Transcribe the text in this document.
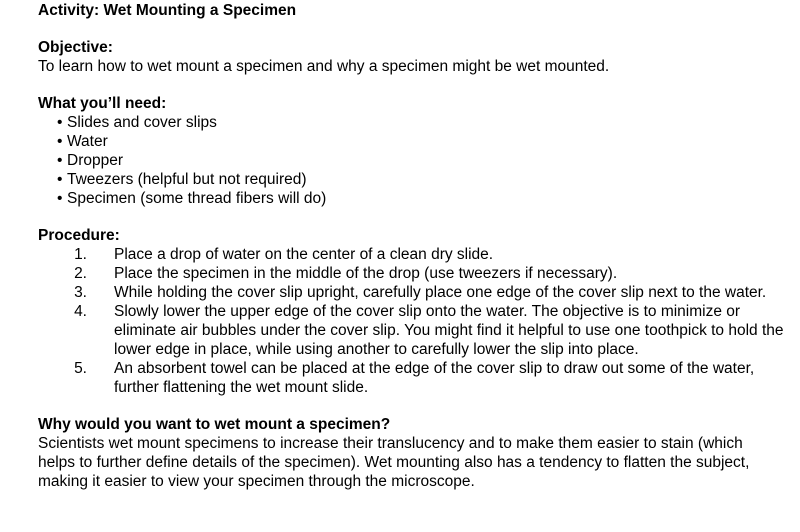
Activity: Wet Mounting a Specimen

Objective:

To learn how to wet mount a specimen and why a specimen might be wet mounted.

What you’ll need:

• Slides and cover slips
• Water
• Dropper
• Tweezers (helpful but not required)
• Specimen (some thread fibers will do)

Procedure:

1.	Place a drop of water on the center of a clean dry slide.
2.	Place the specimen in the middle of the drop (use tweezers if necessary).
3.	While holding the cover slip upright, carefully place one edge of the cover slip next to the water.
4.	Slowly lower the upper edge of the cover slip onto the water. The objective is to minimize or eliminate air bubbles under the cover slip. You might find it helpful to use one toothpick to hold the lower edge in place, while using another to carefully lower the slip into place.
5.	An absorbent towel can be placed at the edge of the cover slip to draw out some of the water, further flattening the wet mount slide.

Why would you want to wet mount a specimen?

Scientists wet mount specimens to increase their translucency and to make them easier to stain (which helps to further define details of the specimen). Wet mounting also has a tendency to flatten the subject, making it easier to view your specimen through the microscope.
